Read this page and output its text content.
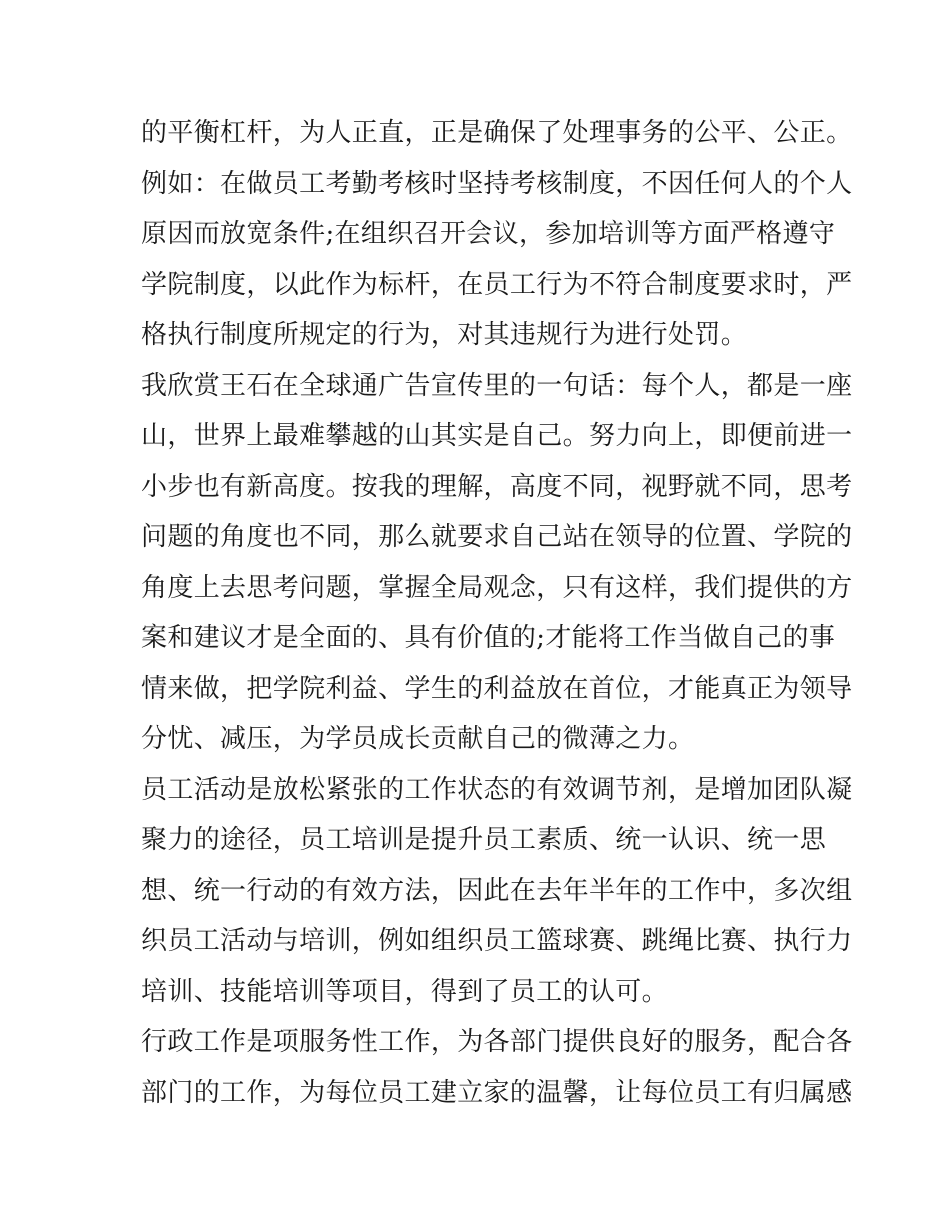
的平衡杠杆，为人正直，正是确保了处理事务的公平、公正。
例如：在做员工考勤考核时坚持考核制度，不因任何人的个人
原因而放宽条件;在组织召开会议，参加培训等方面严格遵守
学院制度，以此作为标杆，在员工行为不符合制度要求时，严
格执行制度所规定的行为，对其违规行为进行处罚。
我欣赏王石在全球通广告宣传里的一句话：每个人，都是一座
山，世界上最难攀越的山其实是自己。努力向上，即便前进一
小步也有新高度。按我的理解，高度不同，视野就不同，思考
问题的角度也不同，那么就要求自己站在领导的位置、学院的
角度上去思考问题，掌握全局观念，只有这样，我们提供的方
案和建议才是全面的、具有价值的;才能将工作当做自己的事
情来做，把学院利益、学生的利益放在首位，才能真正为领导
分忧、减压，为学员成长贡献自己的微薄之力。
员工活动是放松紧张的工作状态的有效调节剂，是增加团队凝
聚力的途径，员工培训是提升员工素质、统一认识、统一思
想、统一行动的有效方法，因此在去年半年的工作中，多次组
织员工活动与培训，例如组织员工篮球赛、跳绳比赛、执行力
培训、技能培训等项目，得到了员工的认可。
行政工作是项服务性工作，为各部门提供良好的服务，配合各
部门的工作，为每位员工建立家的温馨，让每位员工有归属感
